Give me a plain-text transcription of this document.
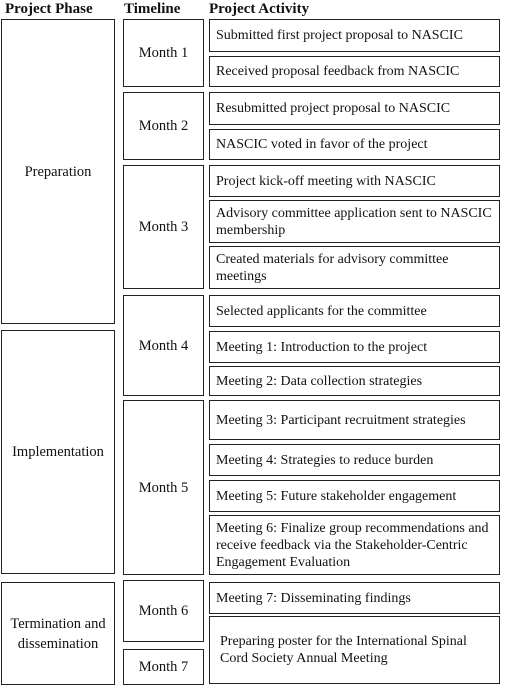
Project Phase Timeline Project Activity
Preparation
Implementation
Termination and dissemination
Month 1
Month 2
Month 3
Month 4
Month 5
Month 6
Month 7
Submitted first project proposal to NASCIC
Received proposal feedback from NASCIC
Resubmitted project proposal to NASCIC
NASCIC voted in favor of the project
Project kick-off meeting with NASCIC
Advisory committee application sent to NASCIC membership
Created materials for advisory committee meetings
Selected applicants for the committee
Meeting 1: Introduction to the project
Meeting 2: Data collection strategies
Meeting 3: Participant recruitment strategies
Meeting 4: Strategies to reduce burden
Meeting 5: Future stakeholder engagement
Meeting 6: Finalize group recommendations and receive feedback via the Stakeholder-Centric Engagement Evaluation
Meeting 7: Disseminating findings
Preparing poster for the International Spinal Cord Society Annual Meeting
